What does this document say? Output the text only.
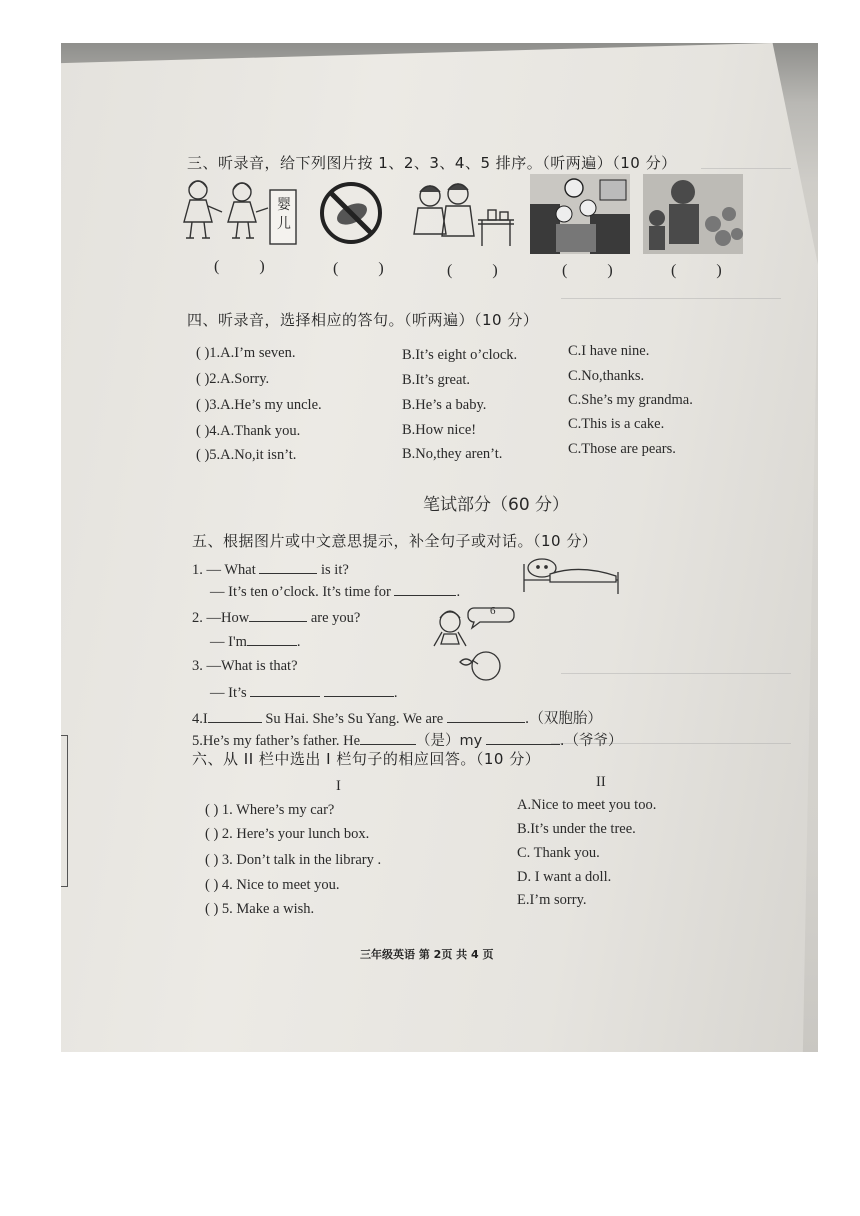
三、听录音，给下列图片按 1、2、3、4、5 排序。（听两遍）（10 分）
婴儿
( )	( )	( )	( )	( )
四、听录音，选择相应的答句。（听两遍）（10 分）
( )1.A.I’m seven.	B.It’s eight o’clock.	C.I have nine.
( )2.A.Sorry.	B.It’s great.	C.No,thanks.
( )3.A.He’s my uncle.	B.He’s a baby.	C.She’s my grandma.
( )4.A.Thank you.	B.How nice!	C.This is a cake.
( )5.A.No,it isn’t.	B.No,they aren’t.	C.Those are pears.
笔试部分（60 分）
五、根据图片或中文意思提示，补全句子或对话。（10 分）
1. — What	is it?
— It’s ten o’clock. It’s time for	.
2. —How	are you?
— I'm	.
6
3. —What is that?
— It’s	.
4.I	Su Hai. She’s Su Yang. We are	.（双胞胎）
5.He’s my father’s father. He	（是）my	.（爷爷）
六、从 II 栏中选出 I 栏句子的相应回答。（10 分）
I	II
( ) 1. Where’s my car?
( ) 2. Here’s your lunch box.
( ) 3. Don’t talk in the library .
( ) 4. Nice to meet you.
( ) 5. Make a wish.
A.Nice to meet you too.
B.It’s under the tree.
C. Thank you.
D. I want a doll.
E.I’m sorry.
三年级英语 第 2页 共 4 页
